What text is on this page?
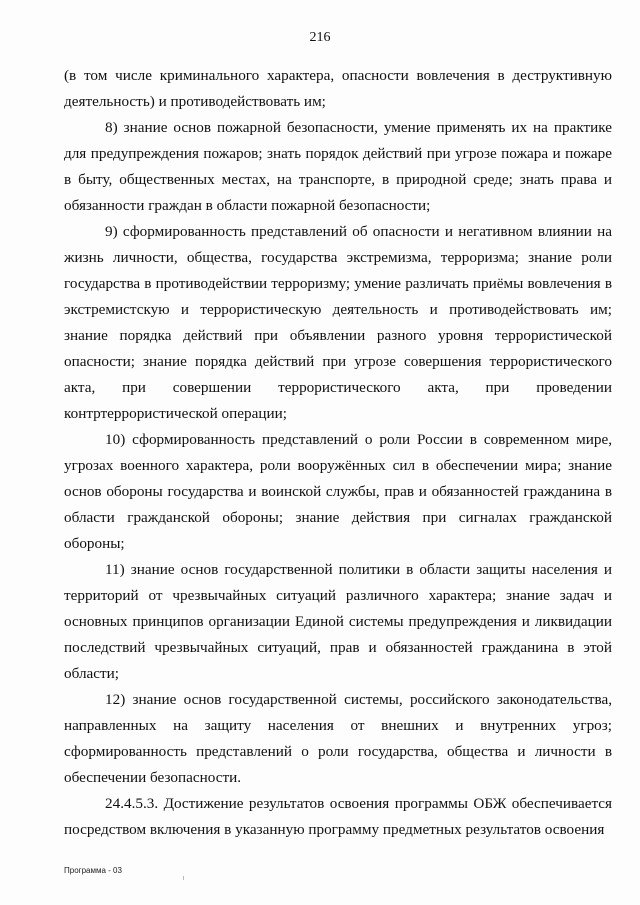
216

(в том числе криминального характера, опасности вовлечения в деструктивную деятельность) и противодействовать им;

8) знание основ пожарной безопасности, умение применять их на практике для предупреждения пожаров; знать порядок действий при угрозе пожара и пожаре в быту, общественных местах, на транспорте, в природной среде; знать права и обязанности граждан в области пожарной безопасности;

9) сформированность представлений об опасности и негативном влиянии на жизнь личности, общества, государства экстремизма, терроризма; знание роли государства в противодействии терроризму; умение различать приёмы вовлечения в экстремистскую и террористическую деятельность и противодействовать им; знание порядка действий при объявлении разного уровня террористической опасности; знание порядка действий при угрозе совершения террористического акта, при совершении террористического акта, при проведении контртеррористической операции;

10) сформированность представлений о роли России в современном мире, угрозах военного характера, роли вооружённых сил в обеспечении мира; знание основ обороны государства и воинской службы, прав и обязанностей гражданина в области гражданской обороны; знание действия при сигналах гражданской обороны;

11) знание основ государственной политики в области защиты населения и территорий от чрезвычайных ситуаций различного характера; знание задач и основных принципов организации Единой системы предупреждения и ликвидации последствий чрезвычайных ситуаций, прав и обязанностей гражданина в этой области;

12) знание основ государственной системы, российского законодательства, направленных на защиту населения от внешних и внутренних угроз; сформированность представлений о роли государства, общества и личности в обеспечении безопасности.

24.4.5.3. Достижение результатов освоения программы ОБЖ обеспечивается посредством включения в указанную программу предметных результатов освоения

Программа - 03
